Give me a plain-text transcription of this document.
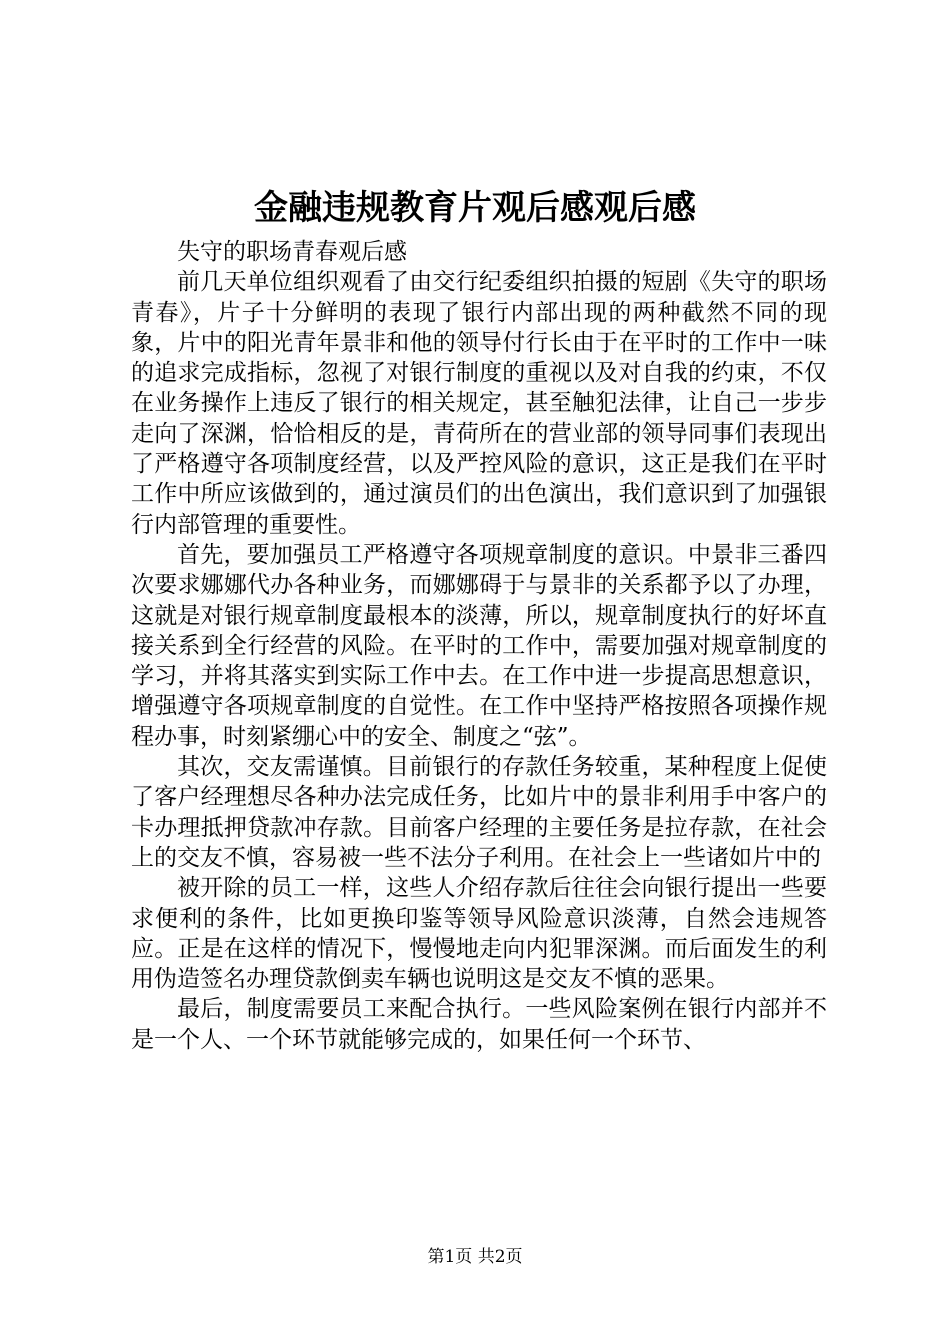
金融违规教育片观后感观后感

失守的职场青春观后感

前几天单位组织观看了由交行纪委组织拍摄的短剧《失守的职场青春》，片子十分鲜明的表现了银行内部出现的两种截然不同的现象，片中的阳光青年景非和他的领导付行长由于在平时的工作中一味的追求完成指标，忽视了对银行制度的重视以及对自我的约束，不仅在业务操作上违反了银行的相关规定，甚至触犯法律，让自己一步步走向了深渊，恰恰相反的是，青荷所在的营业部的领导同事们表现出了严格遵守各项制度经营，以及严控风险的意识，这正是我们在平时工作中所应该做到的，通过演员们的出色演出，我们意识到了加强银行内部管理的重要性。

首先，要加强员工严格遵守各项规章制度的意识。中景非三番四次要求娜娜代办各种业务，而娜娜碍于与景非的关系都予以了办理，这就是对银行规章制度最根本的淡薄，所以，规章制度执行的好坏直接关系到全行经营的风险。在平时的工作中，需要加强对规章制度的学习，并将其落实到实际工作中去。在工作中进一步提高思想意识，增强遵守各项规章制度的自觉性。在工作中坚持严格按照各项操作规程办事，时刻紧绷心中的安全、制度之“弦”。

其次，交友需谨慎。目前银行的存款任务较重，某种程度上促使了客户经理想尽各种办法完成任务，比如片中的景非利用手中客户的卡办理抵押贷款冲存款。目前客户经理的主要任务是拉存款，在社会上的交友不慎，容易被一些不法分子利用。在社会上一些诸如片中的

被开除的员工一样，这些人介绍存款后往往会向银行提出一些要求便利的条件，比如更换印鉴等领导风险意识淡薄，自然会违规答应。正是在这样的情况下，慢慢地走向内犯罪深渊。而后面发生的利用伪造签名办理贷款倒卖车辆也说明这是交友不慎的恶果。

最后，制度需要员工来配合执行。一些风险案例在银行内部并不是一个人、一个环节就能够完成的，如果任何一个环节、

第1页 共2页
